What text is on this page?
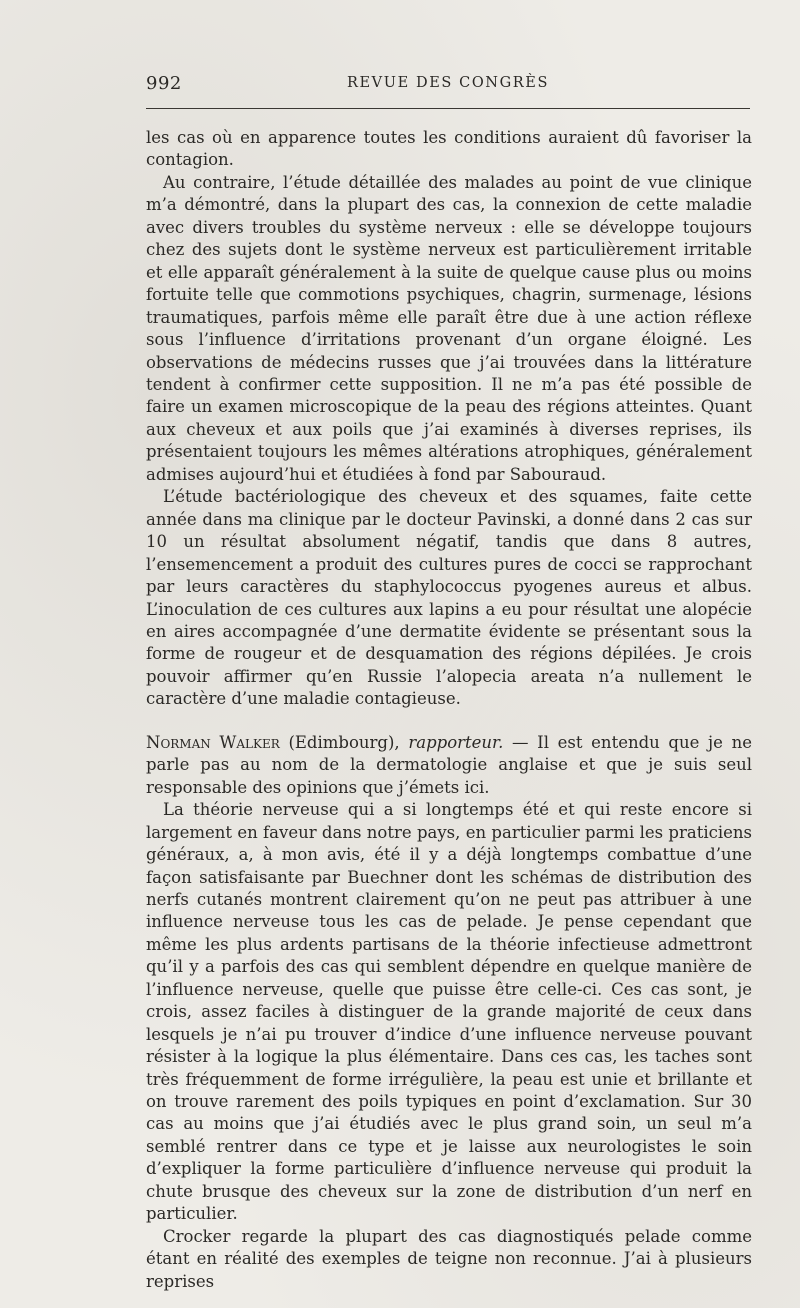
992	REVUE DES CONGRÈS

les cas où en apparence toutes les conditions auraient dû favoriser la contagion.

Au contraire, l’étude détaillée des malades au point de vue clinique m’a démontré, dans la plupart des cas, la connexion de cette maladie avec divers troubles du système nerveux : elle se développe toujours chez des sujets dont le système nerveux est particulièrement irritable et elle apparaît généralement à la suite de quelque cause plus ou moins fortuite telle que commotions psychiques, chagrin, surmenage, lésions traumatiques, parfois même elle paraît être due à une action réflexe sous l’influence d’irritations provenant d’un organe éloigné. Les observations de médecins russes que j’ai trouvées dans la littérature tendent à confirmer cette supposition. Il ne m’a pas été possible de faire un examen microscopique de la peau des régions atteintes. Quant aux cheveux et aux poils que j’ai examinés à diverses reprises, ils présentaient toujours les mêmes altérations atrophiques, généralement admises aujourd’hui et étudiées à fond par Sabouraud.

L’étude bactériologique des cheveux et des squames, faite cette année dans ma clinique par le docteur Pavinski, a donné dans 2 cas sur 10 un résultat absolument négatif, tandis que dans 8 autres, l’ensemencement a produit des cultures pures de cocci se rapprochant par leurs caractères du staphylococcus pyogenes aureus et albus. L’inoculation de ces cultures aux lapins a eu pour résultat une alopécie en aires accompagnée d’une dermatite évidente se présentant sous la forme de rougeur et de desquamation des régions dépilées. Je crois pouvoir affirmer qu’en Russie l’alopecia areata n’a nullement le caractère d’une maladie contagieuse.

Norman Walker (Edimbourg), rapporteur. — Il est entendu que je ne parle pas au nom de la dermatologie anglaise et que je suis seul responsable des opinions que j’émets ici.

La théorie nerveuse qui a si longtemps été et qui reste encore si largement en faveur dans notre pays, en particulier parmi les praticiens généraux, a, à mon avis, été il y a déjà longtemps combattue d’une façon satisfaisante par Buechner dont les schémas de distribution des nerfs cutanés montrent clairement qu’on ne peut pas attribuer à une influence nerveuse tous les cas de pelade. Je pense cependant que même les plus ardents partisans de la théorie infectieuse admettront qu’il y a parfois des cas qui semblent dépendre en quelque manière de l’influence nerveuse, quelle que puisse être celle-ci. Ces cas sont, je crois, assez faciles à distinguer de la grande majorité de ceux dans lesquels je n’ai pu trouver d’indice d’une influence nerveuse pouvant résister à la logique la plus élémentaire. Dans ces cas, les taches sont très fréquemment de forme irrégulière, la peau est unie et brillante et on trouve rarement des poils typiques en point d’exclamation. Sur 30 cas au moins que j’ai étudiés avec le plus grand soin, un seul m’a semblé rentrer dans ce type et je laisse aux neurologistes le soin d’expliquer la forme particulière d’influence nerveuse qui produit la chute brusque des cheveux sur la zone de distribution d’un nerf en particulier.

Crocker regarde la plupart des cas diagnostiqués pelade comme étant en réalité des exemples de teigne non reconnue. J’ai à plusieurs reprises
